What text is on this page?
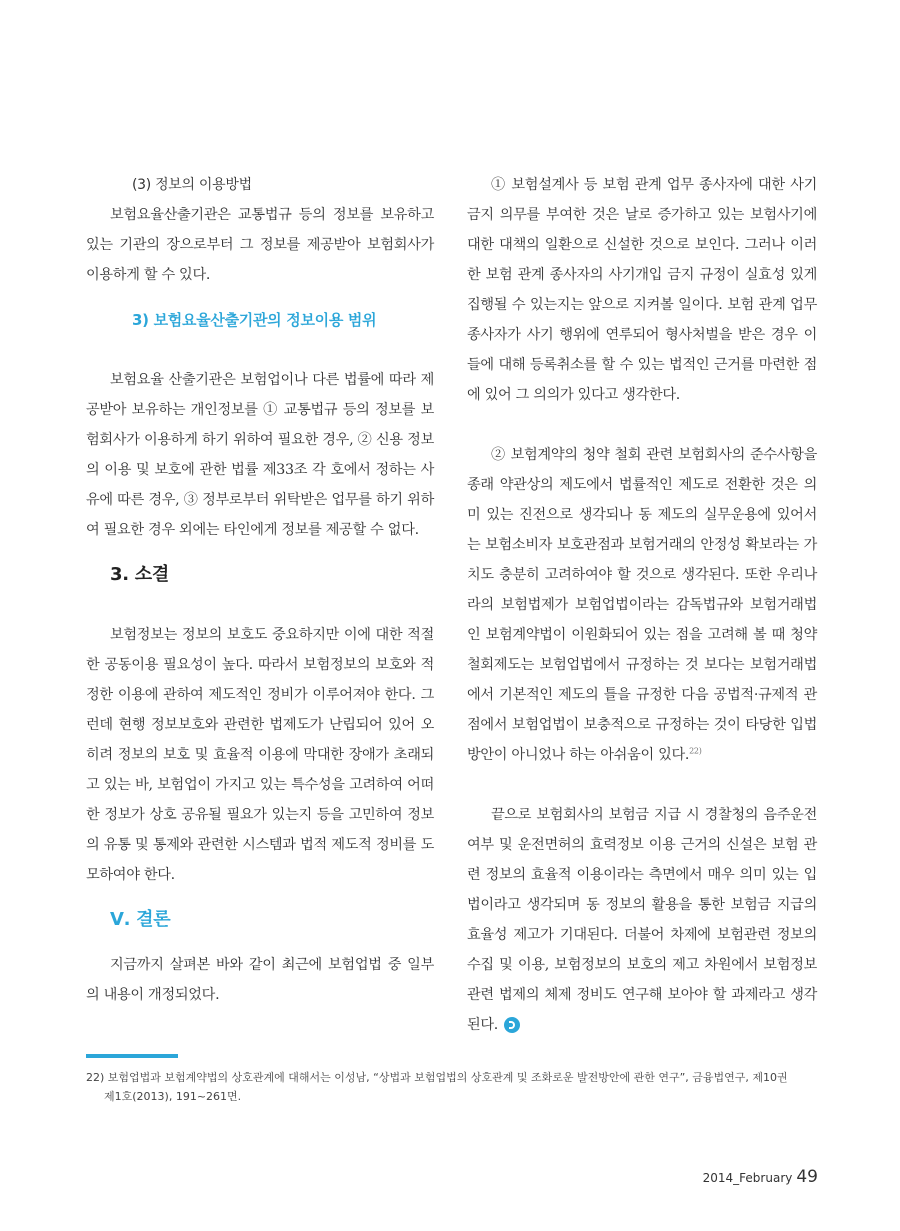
(3) 정보의 이용방법

보험요율산출기관은 교통법규 등의 정보를 보유하고 있는 기관의 장으로부터 그 정보를 제공받아 보험회사가 이용하게 할 수 있다.

3) 보험요율산출기관의 정보이용 범위

보험요율 산출기관은 보험업이나 다른 법률에 따라 제공받아 보유하는 개인정보를 ① 교통법규 등의 정보를 보험회사가 이용하게 하기 위하여 필요한 경우, ② 신용 정보의 이용 및 보호에 관한 법률 제33조 각 호에서 정하는 사유에 따른 경우, ③ 정부로부터 위탁받은 업무를 하기 위하여 필요한 경우 외에는 타인에게 정보를 제공할 수 없다.

3. 소결

보험정보는 정보의 보호도 중요하지만 이에 대한 적절한 공동이용 필요성이 높다. 따라서 보험정보의 보호와 적정한 이용에 관하여 제도적인 정비가 이루어져야 한다. 그런데 현행 정보보호와 관련한 법제도가 난립되어 있어 오히려 정보의 보호 및 효율적 이용에 막대한 장애가 초래되고 있는 바, 보험업이 가지고 있는 특수성을 고려하여 어떠한 정보가 상호 공유될 필요가 있는지 등을 고민하여 정보의 유통 및 통제와 관련한 시스템과 법적 제도적 정비를 도모하여야 한다.

Ⅴ. 결론

지금까지 살펴본 바와 같이 최근에 보험업법 중 일부의 내용이 개정되었다.

① 보험설계사 등 보험 관계 업무 종사자에 대한 사기금지 의무를 부여한 것은 날로 증가하고 있는 보험사기에 대한 대책의 일환으로 신설한 것으로 보인다. 그러나 이러한 보험 관계 종사자의 사기개입 금지 규정이 실효성 있게 집행될 수 있는지는 앞으로 지켜볼 일이다. 보험 관계 업무 종사자가 사기 행위에 연루되어 형사처벌을 받은 경우 이들에 대해 등록취소를 할 수 있는 법적인 근거를 마련한 점에 있어 그 의의가 있다고 생각한다.

② 보험계약의 청약 철회 관련 보험회사의 준수사항을 종래 약관상의 제도에서 법률적인 제도로 전환한 것은 의미 있는 진전으로 생각되나 동 제도의 실무운용에 있어서는 보험소비자 보호관점과 보험거래의 안정성 확보라는 가치도 충분히 고려하여야 할 것으로 생각된다. 또한 우리나라의 보험법제가 보험업법이라는 감독법규와 보험거래법인 보험계약법이 이원화되어 있는 점을 고려해 볼 때 청약철회제도는 보험업법에서 규정하는 것 보다는 보험거래법에서 기본적인 제도의 틀을 규정한 다음 공법적·규제적 관점에서 보험업법이 보충적으로 규정하는 것이 타당한 입법방안이 아니었나 하는 아쉬움이 있다.$^{22)}$

끝으로 보험회사의 보험금 지급 시 경찰청의 음주운전 여부 및 운전면허의 효력정보 이용 근거의 신설은 보험 관련 정보의 효율적 이용이라는 측면에서 매우 의미 있는 입법이라고 생각되며 동 정보의 활용을 통한 보험금 지급의 효율성 제고가 기대된다. 더불어 차제에 보험관련 정보의 수집 및 이용, 보험정보의 보호의 제고 차원에서 보험정보 관련 법제의 체제 정비도 연구해 보아야 할 과제라고 생각된다.

22) 보험업법과 보험계약법의 상호관계에 대해서는 이성남, “상법과 보험업법의 상호관계 및 조화로운 발전방안에 관한 연구”, 금융법연구, 제10권
제1호(2013), 191~261면.
2014_February 49
